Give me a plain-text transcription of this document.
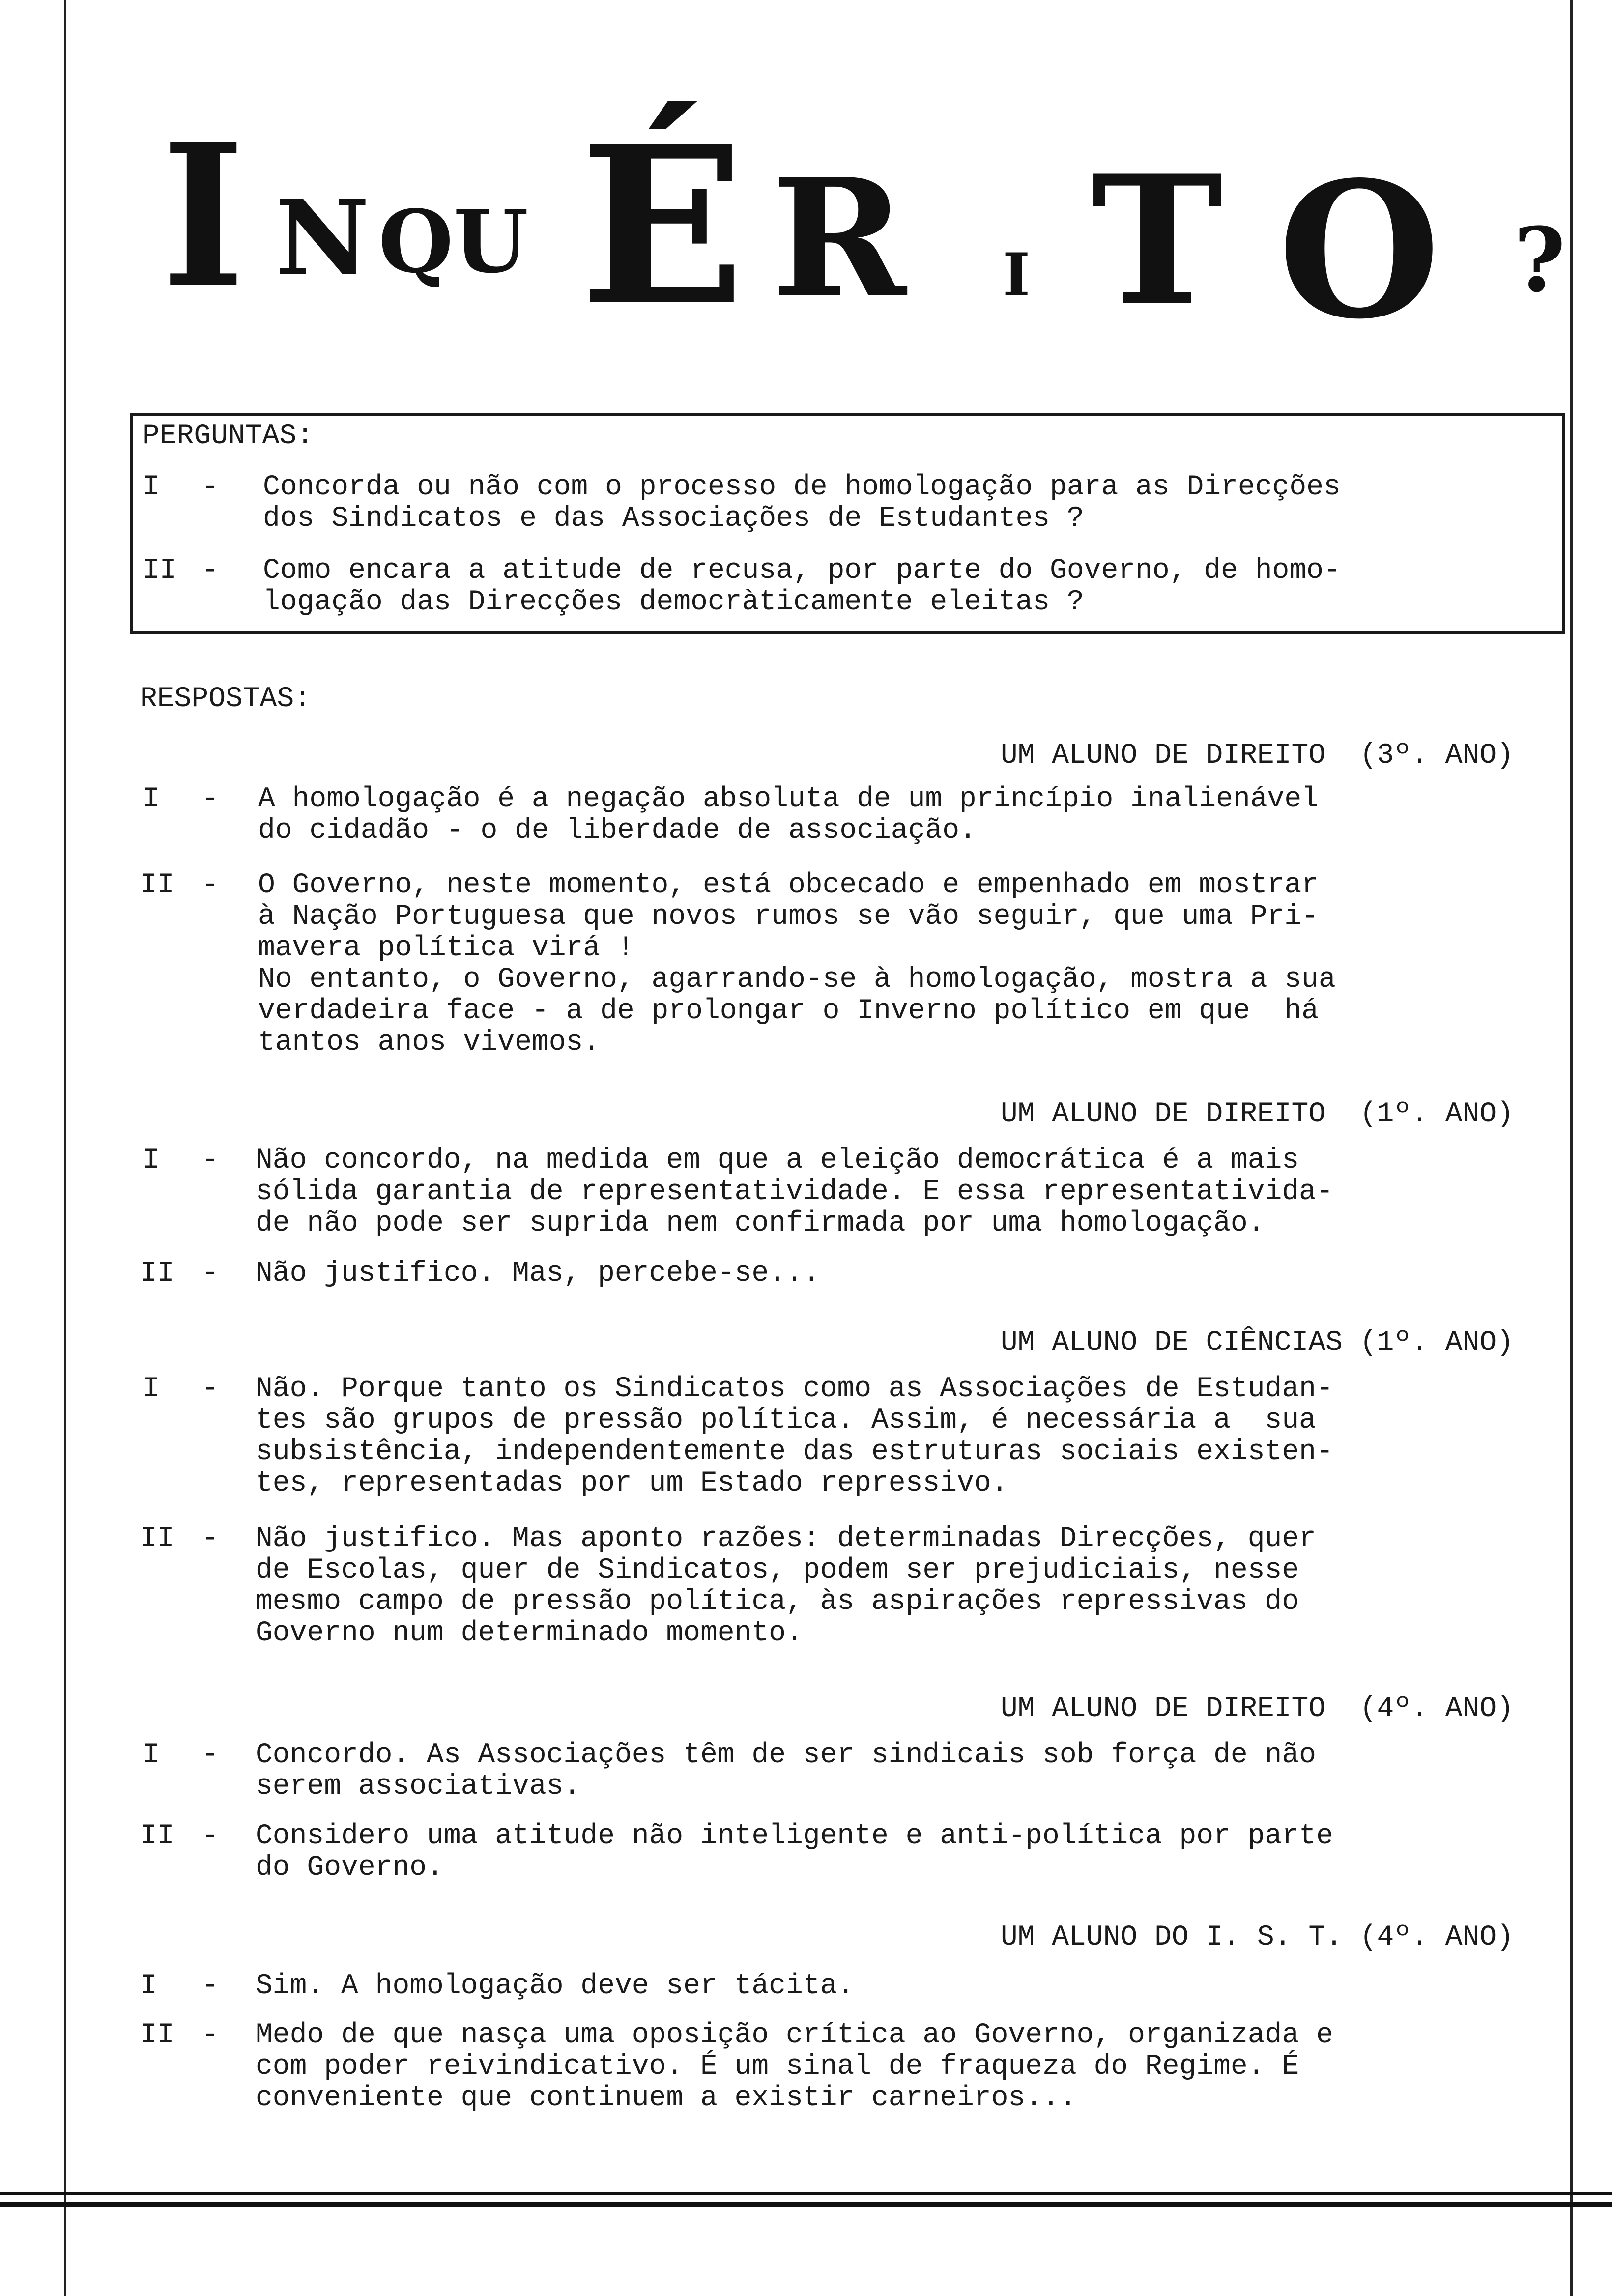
I N QU É R I T O ?
PERGUNTAS:
I - Concorda ou não com o processo de homologação para as Direcções
dos Sindicatos e das Associações de Estudantes ?
II - Como encara a atitude de recusa, por parte do Governo, de homo-
logação das Direcções democràticamente eleitas ?
RESPOSTAS:
UM ALUNO DE DIREITO  (3º. ANO)
I - A homologação é a negação absoluta de um princípio inalienável
do cidadão - o de liberdade de associação.
II - O Governo, neste momento, está obcecado e empenhado em mostrar
à Nação Portuguesa que novos rumos se vão seguir, que uma Pri-
mavera política virá !
No entanto, o Governo, agarrando-se à homologação, mostra a sua
verdadeira face - a de prolongar o Inverno político em que  há
tantos anos vivemos.
UM ALUNO DE DIREITO  (1º. ANO)
I - Não concordo, na medida em que a eleição democrática é a mais
sólida garantia de representatividade. E essa representativida-
de não pode ser suprida nem confirmada por uma homologação.
II - Não justifico. Mas, percebe-se...
UM ALUNO DE CIÊNCIAS (1º. ANO)
I - Não. Porque tanto os Sindicatos como as Associações de Estudan-
tes são grupos de pressão política. Assim, é necessária a  sua
subsistência, independentemente das estruturas sociais existen-
tes, representadas por um Estado repressivo.
II - Não justifico. Mas aponto razões: determinadas Direcções, quer
de Escolas, quer de Sindicatos, podem ser prejudiciais, nesse
mesmo campo de pressão política, às aspirações repressivas do
Governo num determinado momento.
UM ALUNO DE DIREITO  (4º. ANO)
I - Concordo. As Associações têm de ser sindicais sob força de não
serem associativas.
II - Considero uma atitude não inteligente e anti-política por parte
do Governo.
UM ALUNO DO I. S. T. (4º. ANO)
I - Sim. A homologação deve ser tácita.
II - Medo de que nasça uma oposição crítica ao Governo, organizada e
com poder reivindicativo. É um sinal de fraqueza do Regime. É
conveniente que continuem a existir carneiros...
